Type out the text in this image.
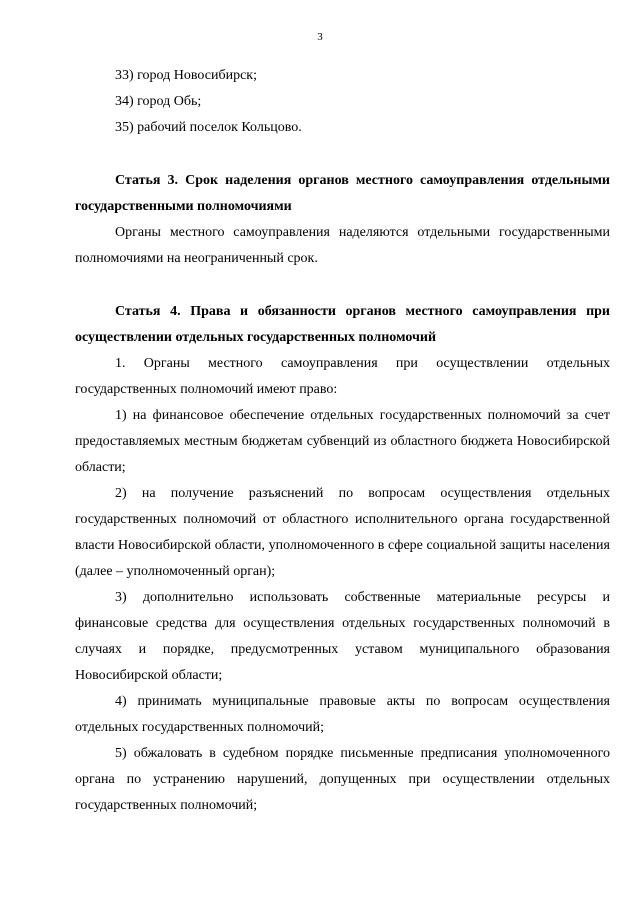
3

33) город Новосибирск;

34) город Обь;

35) рабочий поселок Кольцово.

Статья 3. Срок наделения органов местного самоуправления отдельными государственными полномочиями

Органы местного самоуправления наделяются отдельными государственными полномочиями на неограниченный срок.

Статья 4. Права и обязанности органов местного самоуправления при осуществлении отдельных государственных полномочий

1. Органы местного самоуправления при осуществлении отдельных государственных полномочий имеют право:

1) на финансовое обеспечение отдельных государственных полномочий за счет предоставляемых местным бюджетам субвенций из областного бюджета Новосибирской области;

2) на получение разъяснений по вопросам осуществления отдельных государственных полномочий от областного исполнительного органа государственной власти Новосибирской области, уполномоченного в сфере социальной защиты населения (далее – уполномоченный орган);

3) дополнительно использовать собственные материальные ресурсы и финансовые средства для осуществления отдельных государственных полномочий в случаях и порядке, предусмотренных уставом муниципального образования Новосибирской области;

4) принимать муниципальные правовые акты по вопросам осуществления отдельных государственных полномочий;

5) обжаловать в судебном порядке письменные предписания уполномоченного органа по устранению нарушений, допущенных при осуществлении отдельных государственных полномочий;
